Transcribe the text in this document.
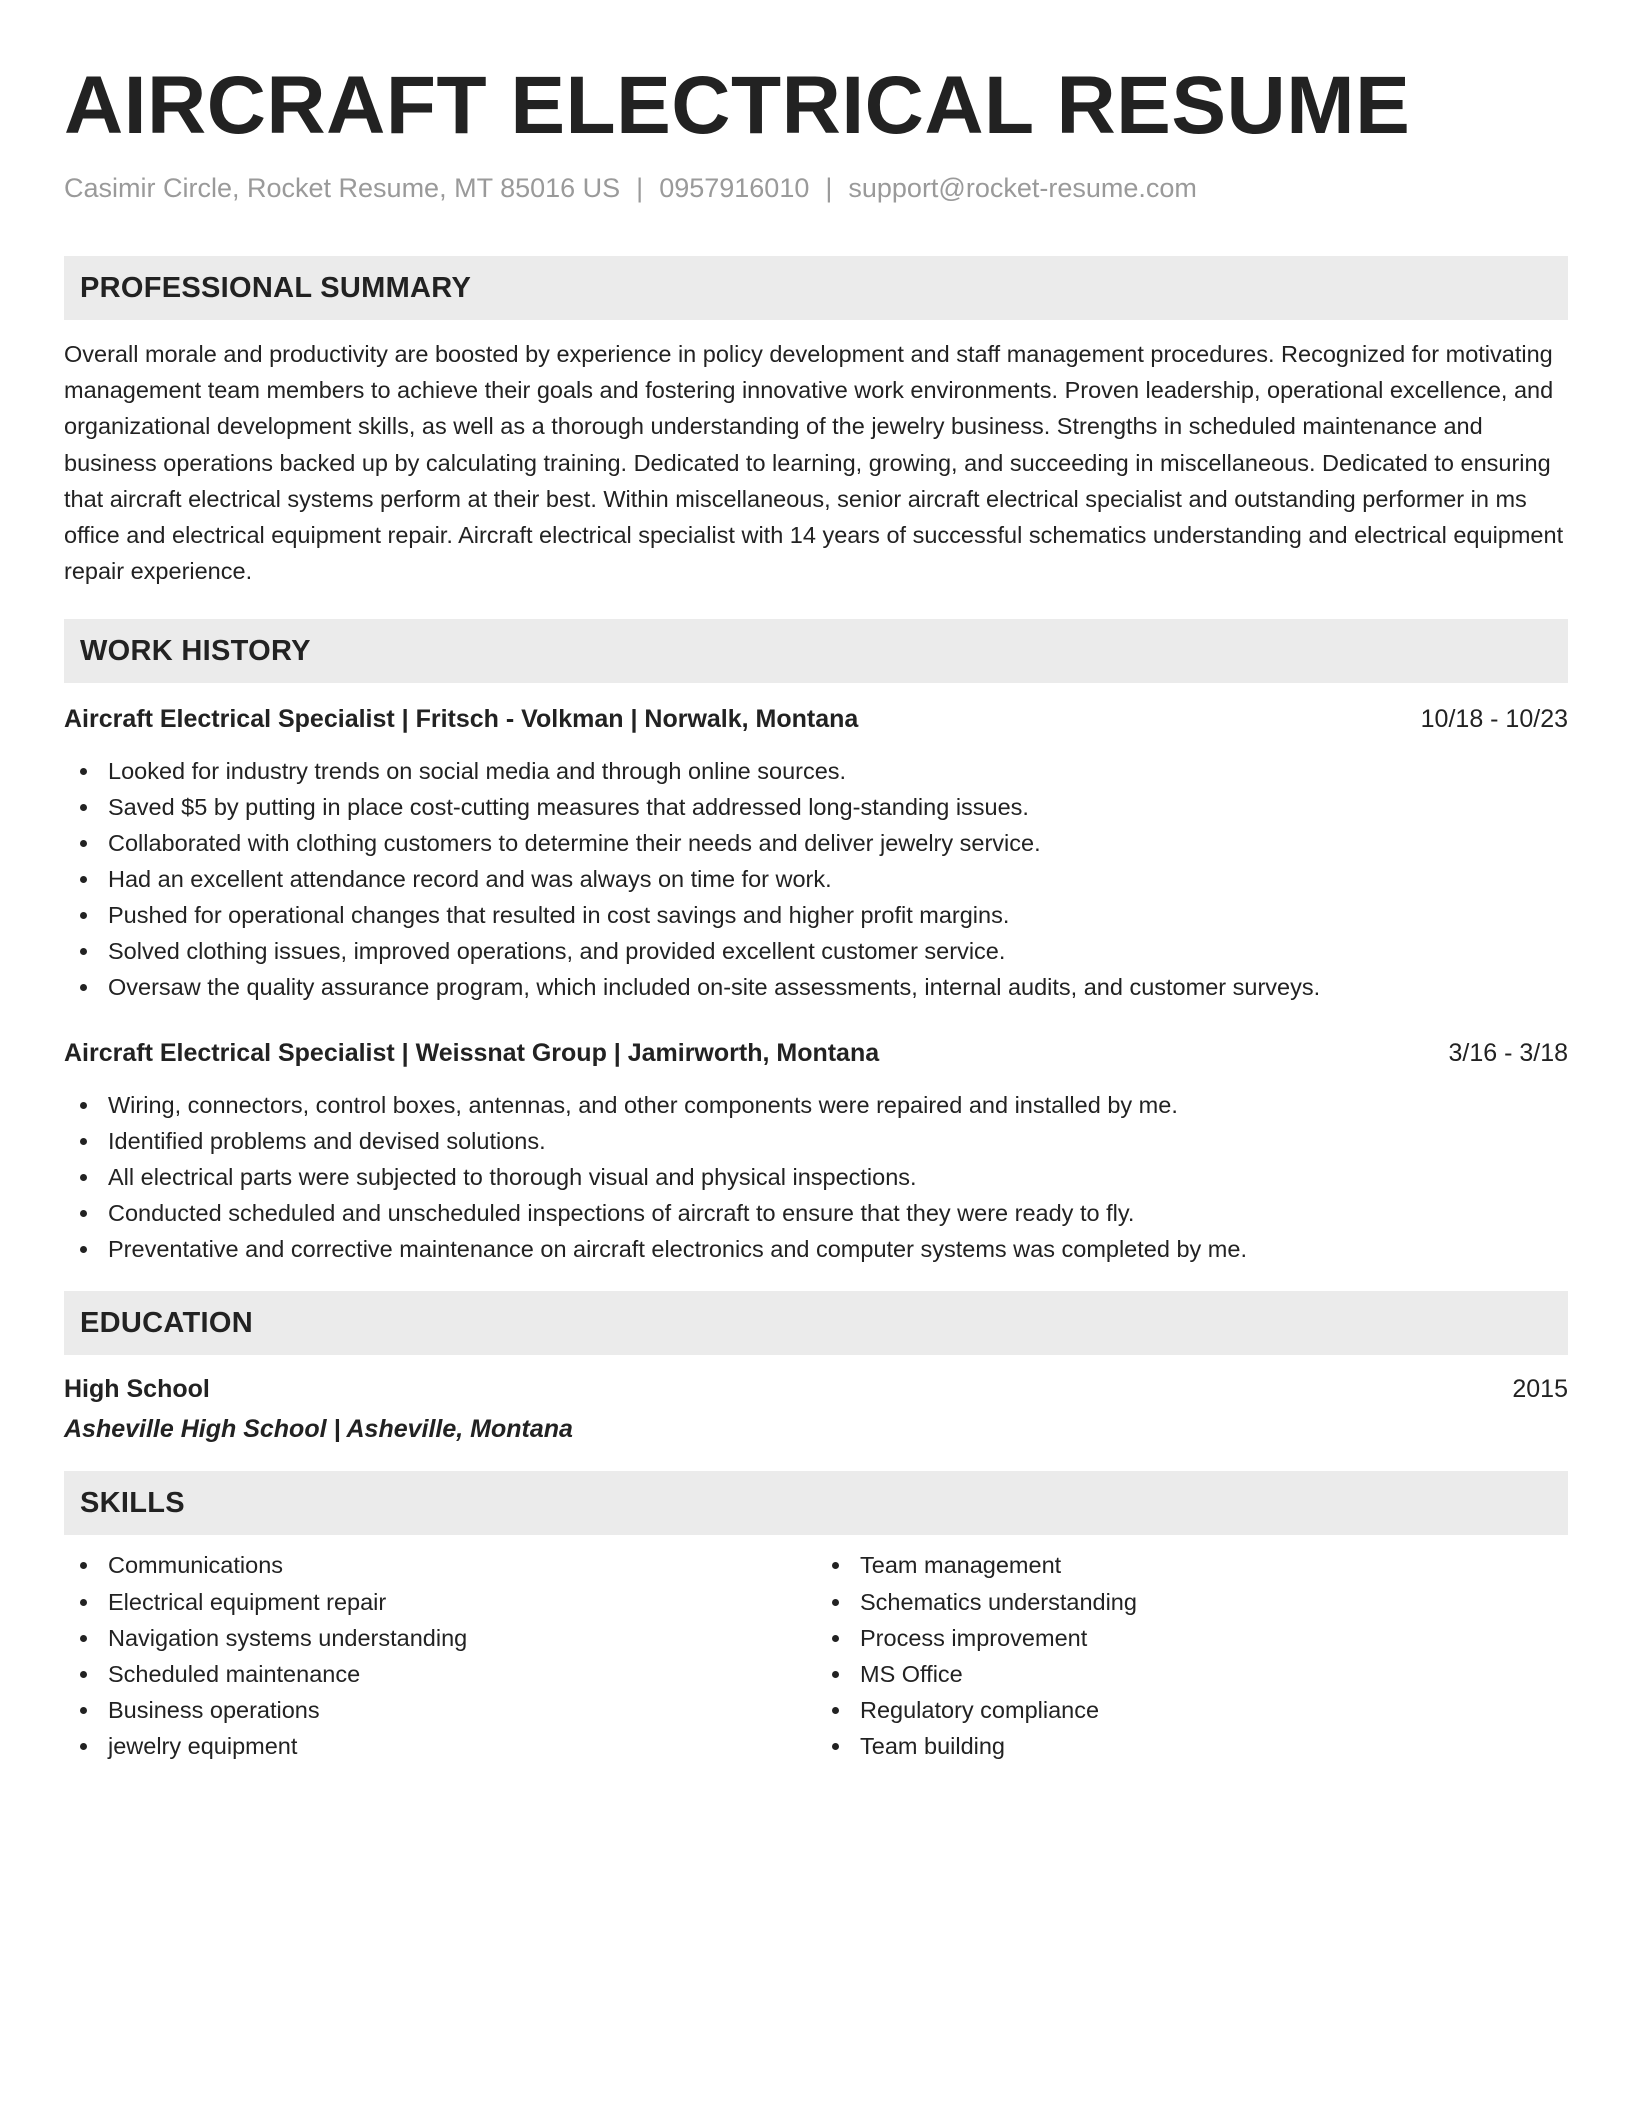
AIRCRAFT ELECTRICAL RESUME
Casimir Circle, Rocket Resume, MT 85016 US | 0957916010 | support@rocket-resume.com
PROFESSIONAL SUMMARY

Overall morale and productivity are boosted by experience in policy development and staff management procedures. Recognized for motivating management team members to achieve their goals and fostering innovative work environments. Proven leadership, operational excellence, and organizational development skills, as well as a thorough understanding of the jewelry business. Strengths in scheduled maintenance and business operations backed up by calculating training. Dedicated to learning, growing, and succeeding in miscellaneous. Dedicated to ensuring that aircraft electrical systems perform at their best. Within miscellaneous, senior aircraft electrical specialist and outstanding performer in ms office and electrical equipment repair. Aircraft electrical specialist with 14 years of successful schematics understanding and electrical equipment repair experience.

WORK HISTORY
Aircraft Electrical Specialist | Fritsch - Volkman | Norwalk, Montana	10/18 - 10/23
Looked for industry trends on social media and through online sources.
Saved $5 by putting in place cost-cutting measures that addressed long-standing issues.
Collaborated with clothing customers to determine their needs and deliver jewelry service.
Had an excellent attendance record and was always on time for work.
Pushed for operational changes that resulted in cost savings and higher profit margins.
Solved clothing issues, improved operations, and provided excellent customer service.
Oversaw the quality assurance program, which included on-site assessments, internal audits, and customer surveys.
Aircraft Electrical Specialist | Weissnat Group | Jamirworth, Montana	3/16 - 3/18
Wiring, connectors, control boxes, antennas, and other components were repaired and installed by me.
Identified problems and devised solutions.
All electrical parts were subjected to thorough visual and physical inspections.
Conducted scheduled and unscheduled inspections of aircraft to ensure that they were ready to fly.
Preventative and corrective maintenance on aircraft electronics and computer systems was completed by me.
EDUCATION
High School	2015
Asheville High School | Asheville, Montana
SKILLS
Communications
Electrical equipment repair
Navigation systems understanding
Scheduled maintenance
Business operations
jewelry equipment
Team management
Schematics understanding
Process improvement
MS Office
Regulatory compliance
Team building
